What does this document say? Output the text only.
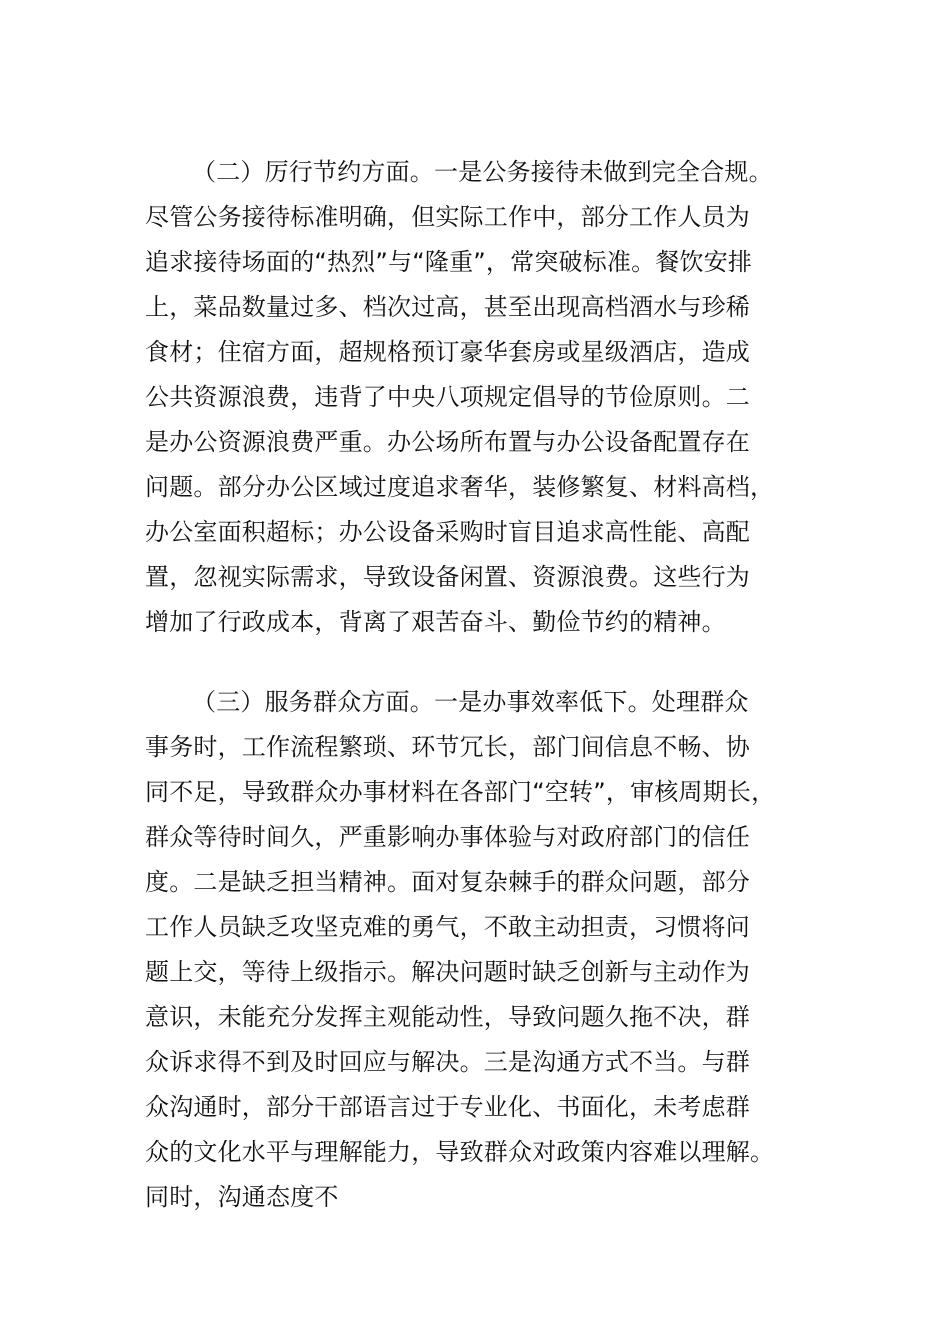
（二）厉行节约方面。一是公务接待未做到完全合规。
尽管公务接待标准明确，但实际工作中，部分工作人员为
追求接待场面的“热烈”与“隆重”，常突破标准。餐饮安排
上，菜品数量过多、档次过高，甚至出现高档酒水与珍稀
食材；住宿方面，超规格预订豪华套房或星级酒店，造成
公共资源浪费，违背了中央八项规定倡导的节俭原则。二
是办公资源浪费严重。办公场所布置与办公设备配置存在
问题。部分办公区域过度追求奢华，装修繁复、材料高档，
办公室面积超标；办公设备采购时盲目追求高性能、高配
置，忽视实际需求，导致设备闲置、资源浪费。这些行为
增加了行政成本，背离了艰苦奋斗、勤俭节约的精神。
（三）服务群众方面。一是办事效率低下。处理群众
事务时，工作流程繁琐、环节冗长，部门间信息不畅、协
同不足，导致群众办事材料在各部门“空转”，审核周期长，
群众等待时间久，严重影响办事体验与对政府部门的信任
度。二是缺乏担当精神。面对复杂棘手的群众问题，部分
工作人员缺乏攻坚克难的勇气，不敢主动担责，习惯将问
题上交，等待上级指示。解决问题时缺乏创新与主动作为
意识，未能充分发挥主观能动性，导致问题久拖不决，群
众诉求得不到及时回应与解决。三是沟通方式不当。与群
众沟通时，部分干部语言过于专业化、书面化，未考虑群
众的文化水平与理解能力，导致群众对政策内容难以理解。
同时，沟通态度不
